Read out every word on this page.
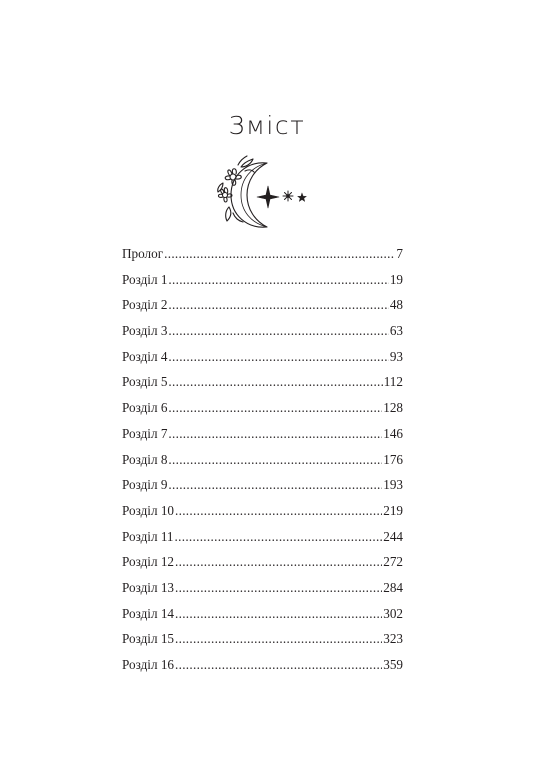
Зміст
Пролог .....	7
Розділ 1 .....	19
Розділ 2 .....	48
Розділ 3 .....	63
Розділ 4 .....	93
Розділ 5 .....	112
Розділ 6 .....	128
Розділ 7 .....	146
Розділ 8 .....	176
Розділ 9 .....	193
Розділ 10 .....	219
Розділ 11 .....	244
Розділ 12 .....	272
Розділ 13 .....	284
Розділ 14 .....	302
Розділ 15 .....	323
Розділ 16 .....	359
